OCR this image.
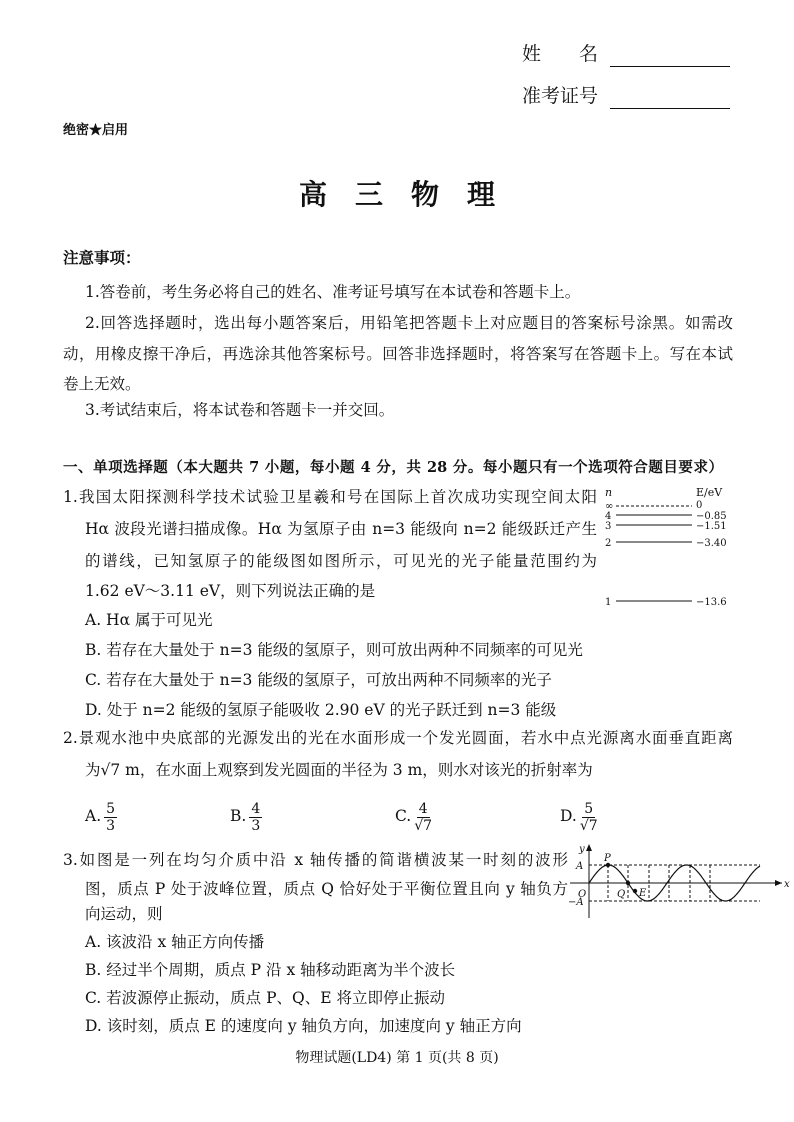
姓　　名
准考证号
绝密★启用
高　三　物　理
注意事项：
1.答卷前，考生务必将自己的姓名、准考证号填写在本试卷和答题卡上。
2.回答选择题时，选出每小题答案后，用铅笔把答题卡上对应题目的答案标号涂黑。如需改
动，用橡皮擦干净后，再选涂其他答案标号。回答非选择题时，将答案写在答题卡上。写在本试
卷上无效。
3.考试结束后，将本试卷和答题卡一并交回。
一、单项选择题（本大题共 7 小题，每小题 4 分，共 28 分。每小题只有一个选项符合题目要求）
1.我国太阳探测科学技术试验卫星羲和号在国际上首次成功实现空间太阳
Hα 波段光谱扫描成像。Hα 为氢原子由 n=3 能级向 n=2 能级跃迁产生
的谱线，已知氢原子的能级图如图所示，可见光的光子能量范围约为
1.62 eV～3.11 eV，则下列说法正确的是
A. Hα 属于可见光
B. 若存在大量处于 n=3 能级的氢原子，则可放出两种不同频率的可见光
C. 若存在大量处于 n=3 能级的氢原子，可放出两种不同频率的光子
D. 处于 n=2 能级的氢原子能吸收 2.90 eV 的光子跃迁到 n=3 能级
n	E/eV
∞	0
4	−0.85
3	−1.51
2	−3.40
1	−13.6
2.景观水池中央底部的光源发出的光在水面形成一个发光圆面，若水中点光源离水面垂直距离
为√7 m，在水面上观察到发光圆面的半径为 3 m，则水对该光的折射率为
A. $\frac{5}{3}$	B. $\frac{4}{3}$	C. $\frac{4}{√7}$	D. $\frac{5}{√7}$
3.如图是一列在均匀介质中沿 x 轴传播的简谐横波某一时刻的波形
图，质点 P 处于波峰位置，质点 Q 恰好处于平衡位置且向 y 轴负方
向运动，则
A. 该波沿 x 轴正方向传播
B. 经过半个周期，质点 P 沿 x 轴移动距离为半个波长
C. 若波源停止振动，质点 P、Q、E 将立即停止振动
D. 该时刻，质点 E 的速度向 y 轴负方向，加速度向 y 轴正方向
y
x
A
−A
O
P
Q E
物理试题(LD4) 第 1 页(共 8 页)
